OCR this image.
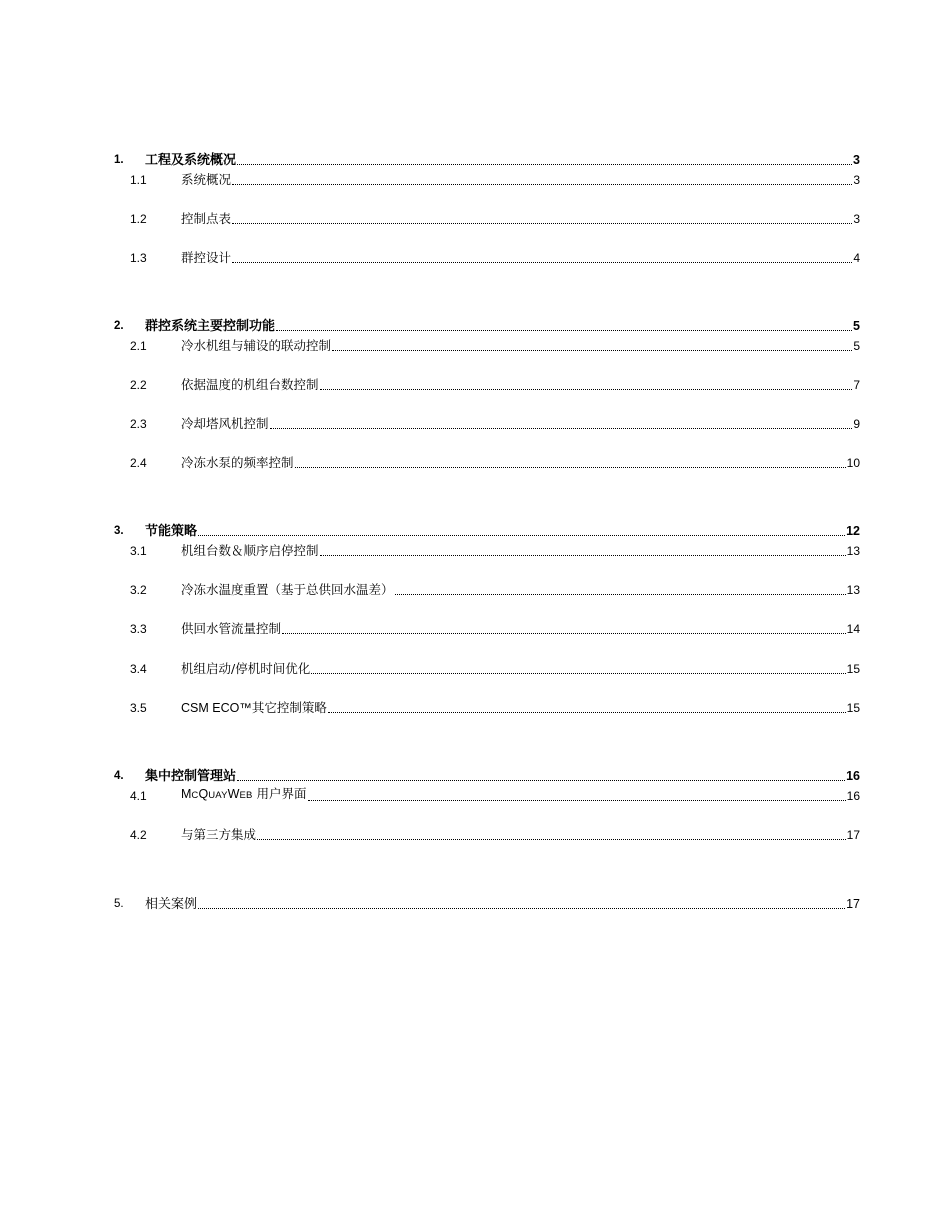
1.	工程及系统概况	3
1.1	系统概况	3
1.2	控制点表	3
1.3	群控设计	4
2.	群控系统主要控制功能	5
2.1	冷水机组与辅设的联动控制	5
2.2	依据温度的机组台数控制	7
2.3	冷却塔风机控制	9
2.4	冷冻水泵的频率控制	10
3.	节能策略	12
3.1	机组台数＆顺序启停控制	13
3.2	冷冻水温度重置（基于总供回水温差）	13
3.3	供回水管流量控制	14
3.4	机组启动/停机时间优化	15
3.5	CSM ECO™其它控制策略	15
4.	集中控制管理站	16
4.1	MCQUAYWEB 用户界面	16
4.2	与第三方集成	17
5.	相关案例	17
